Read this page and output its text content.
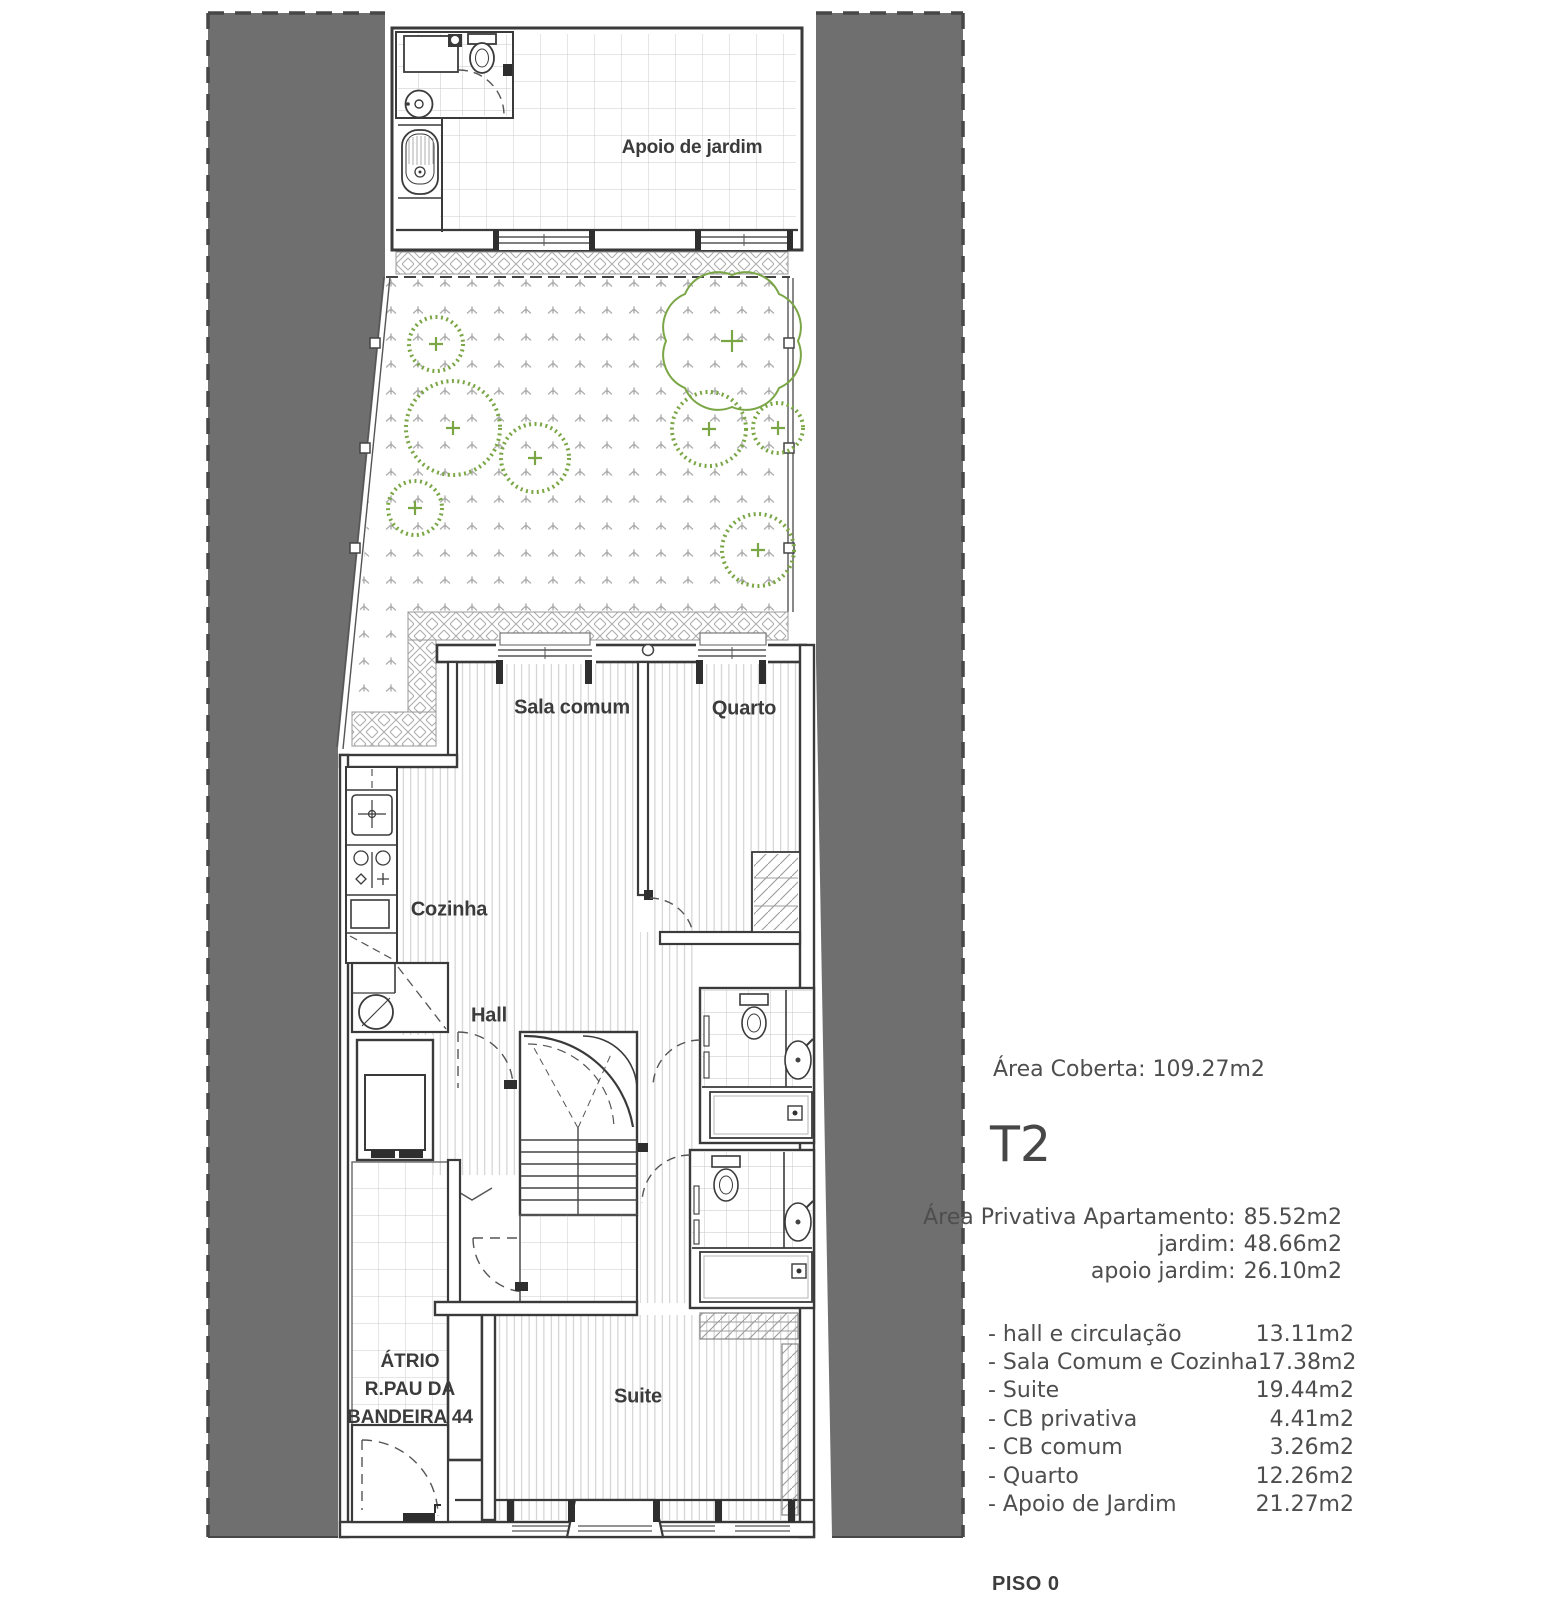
Apoio de jardim
Sala comum	Quarto
Cozinha
Hall
Suite
ÁTRIO
R.PAU DA
BANDEIRA 44
Área Coberta: 109.27m2
T2
Área Privativa Apartamento: 85.52m2
jardim: 48.66m2
apoio jardim: 26.10m2
- hall e circulação	13.11m2
- Sala Comum e Cozinha 17.38m2
- Suite	19.44m2
- CB privativa	4.41m2
- CB comum	3.26m2
- Quarto	12.26m2
- Apoio de Jardim	21.27m2
PISO 0
